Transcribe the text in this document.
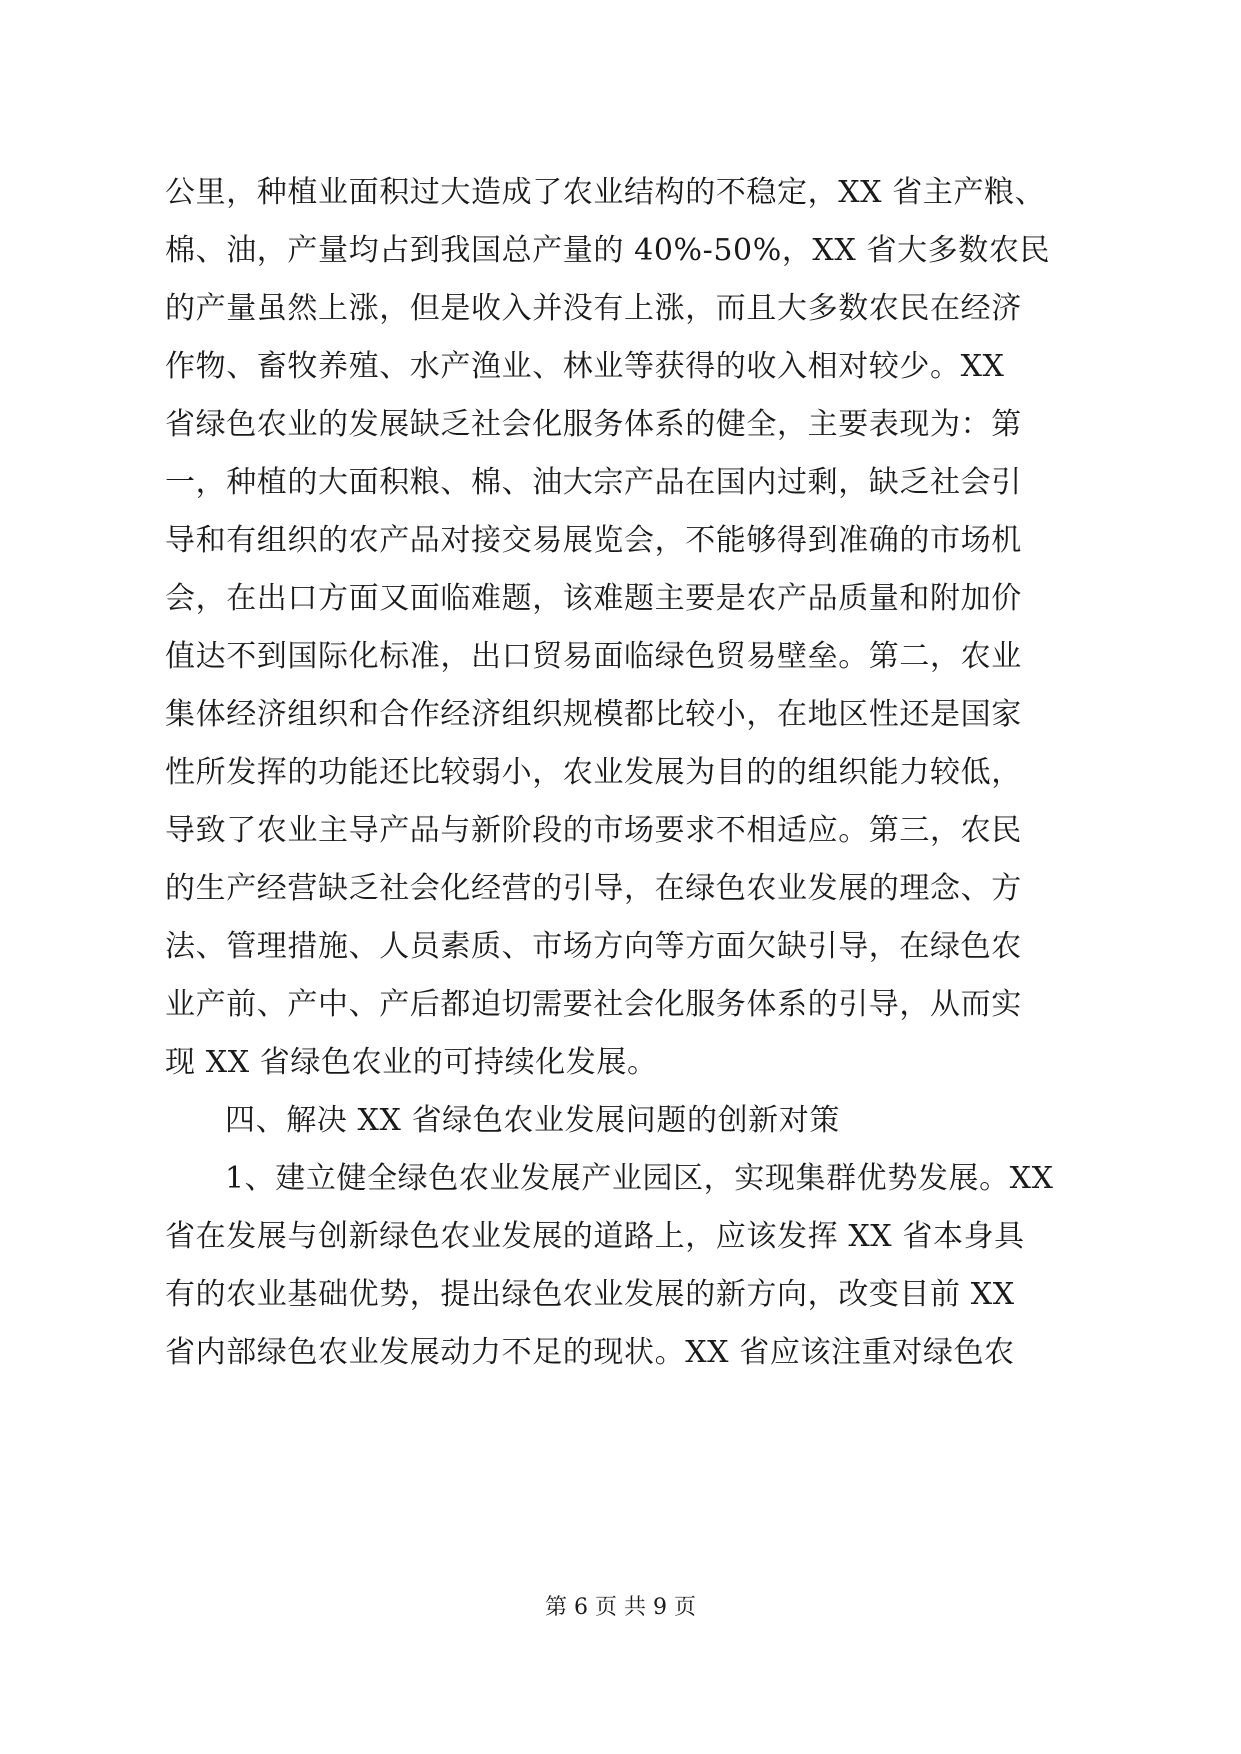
公里，种植业面积过大造成了农业结构的不稳定，XX 省主产粮、
棉、油，产量均占到我国总产量的 40%-50%，XX 省大多数农民
的产量虽然上涨，但是收入并没有上涨，而且大多数农民在经济
作物、畜牧养殖、水产渔业、林业等获得的收入相对较少。XX
省绿色农业的发展缺乏社会化服务体系的健全，主要表现为：第
一，种植的大面积粮、棉、油大宗产品在国内过剩，缺乏社会引
导和有组织的农产品对接交易展览会，不能够得到准确的市场机
会，在出口方面又面临难题，该难题主要是农产品质量和附加价
值达不到国际化标准，出口贸易面临绿色贸易壁垒。第二，农业
集体经济组织和合作经济组织规模都比较小，在地区性还是国家
性所发挥的功能还比较弱小，农业发展为目的的组织能力较低，
导致了农业主导产品与新阶段的市场要求不相适应。第三，农民
的生产经营缺乏社会化经营的引导，在绿色农业发展的理念、方
法、管理措施、人员素质、市场方向等方面欠缺引导，在绿色农
业产前、产中、产后都迫切需要社会化服务体系的引导，从而实
现 XX 省绿色农业的可持续化发展。
四、解决 XX 省绿色农业发展问题的创新对策
1、建立健全绿色农业发展产业园区，实现集群优势发展。XX
省在发展与创新绿色农业发展的道路上，应该发挥 XX 省本身具
有的农业基础优势，提出绿色农业发展的新方向，改变目前 XX
省内部绿色农业发展动力不足的现状。XX 省应该注重对绿色农
第 6 页 共 9 页
